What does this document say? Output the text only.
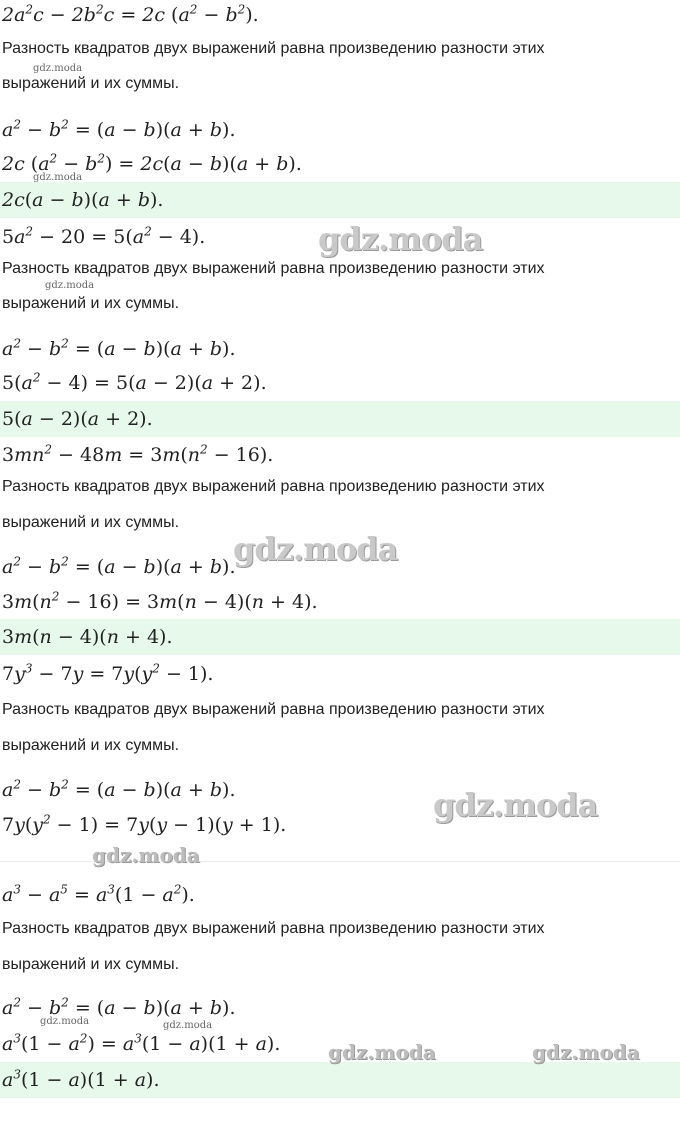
$2a^2c - 2b^2c = 2c$ $(a^2 - b^2)$.
Разность квадратов двух выражений равна произведению разности этих
выражений и их суммы.
$a^2 - b^2 = (a - b)(a + b)$.
2c $(a^2 - b^2) = 2c(a - b)(a + b)$.
2c(a − b)(a + b).
$5a^2 - 20 = 5(a^2 - 4)$.
Разность квадратов двух выражений равна произведению разности этих
выражений и их суммы.
$a^2 - b^2 = (a - b)(a + b)$.
$5(a^2 - 4) = 5(a - 2)(a + 2)$.
5(a − 2)(a + 2).
$3mn^2 - 48m = 3m(n^2 - 16)$.
Разность квадратов двух выражений равна произведению разности этих
выражений и их суммы.
$a^2 - b^2 = (a - b)(a + b)$.
$3m(n^2 - 16) = 3m(n - 4)(n + 4)$.
3m(n − 4)(n + 4).
$7y^3 - 7y = 7y(y^2 - 1)$.
Разность квадратов двух выражений равна произведению разности этих
выражений и их суммы.
$a^2 - b^2 = (a - b)(a + b)$.
$7y(y^2 - 1) = 7y(y - 1)(y + 1)$.
$a^3 - a^5 = a^3(1 - a^2)$.
Разность квадратов двух выражений равна произведению разности этих
выражений и их суммы.
$a^2 - b^2 = (a - b)(a + b)$.
$a^3(1 - a^2) = a^3(1 - a)(1 + a)$.
$a^3(1 - a)(1 + a)$.
gdz.moda
gdz.moda
gdz.moda
gdz.moda
gdz.moda
gdz.moda
gdz.moda
gdz.moda	gdz.moda
gdz.moda	gdz.moda
